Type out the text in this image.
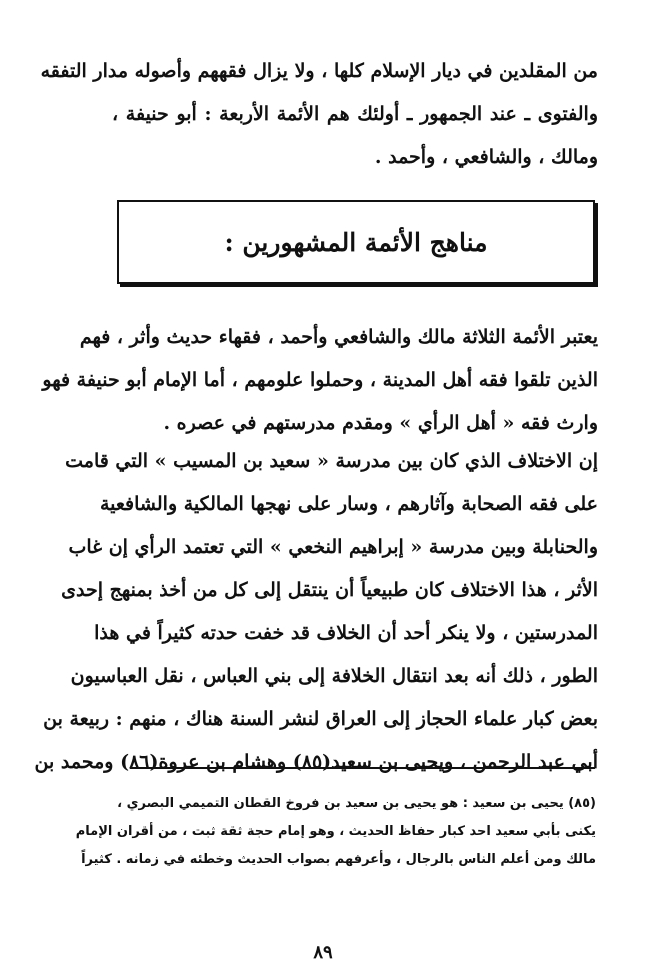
من المقلدين في ديار الإسلام كلها ، ولا يزال فقههم وأصوله مدار التفقه
والفتوى ـ عند الجمهور ـ أولئك هم الأئمة الأربعة : أبو حنيفة ،
ومالك ، والشافعي ، وأحمد .
مناهج الأئمة المشهورين :
يعتبر الأئمة الثلاثة مالك والشافعي وأحمد ، فقهاء حديث وأثر ، فهم
الذين تلقوا فقه أهل المدينة ، وحملوا علومهم ، أما الإمام أبو حنيفة فهو
وارث فقه « أهل الرأي » ومقدم مدرستهم في عصره .
إن الاختلاف الذي كان بين مدرسة « سعيد بن المسيب » التي قامت
على فقه الصحابة وآثارهم ، وسار على نهجها المالكية والشافعية
والحنابلة وبين مدرسة « إبراهيم النخعي » التي تعتمد الرأي إن غاب
الأثر ، هذا الاختلاف كان طبيعياً أن ينتقل إلى كل من أخذ بمنهج إحدى
المدرستين ، ولا ينكر أحد أن الخلاف قد خفت حدته كثيراً في هذا
الطور ، ذلك أنه بعد انتقال الخلافة إلى بني العباس ، نقل العباسيون
بعض كبار علماء الحجاز إلى العراق لنشر السنة هناك ، منهم : ربيعة بن
أبي عبد الرحمن ، ويحيى بن سعيد(٨٥) وهشام بن عروة(٨٦) ومحمد بن
(٨٥) يحيى بن سعيد : هو يحيى بن سعيد بن فروخ القطان التميمي البصري ،
يكنى بأبي سعيد احد كبار حفاظ الحديث ، وهو إمام حجة ثقة ثبت ، من أقران الإمام
مالك ومن أعلم الناس بالرجال ، وأعرفهم بصواب الحديث وخطئه في زمانه . كثيراً
٨٩
